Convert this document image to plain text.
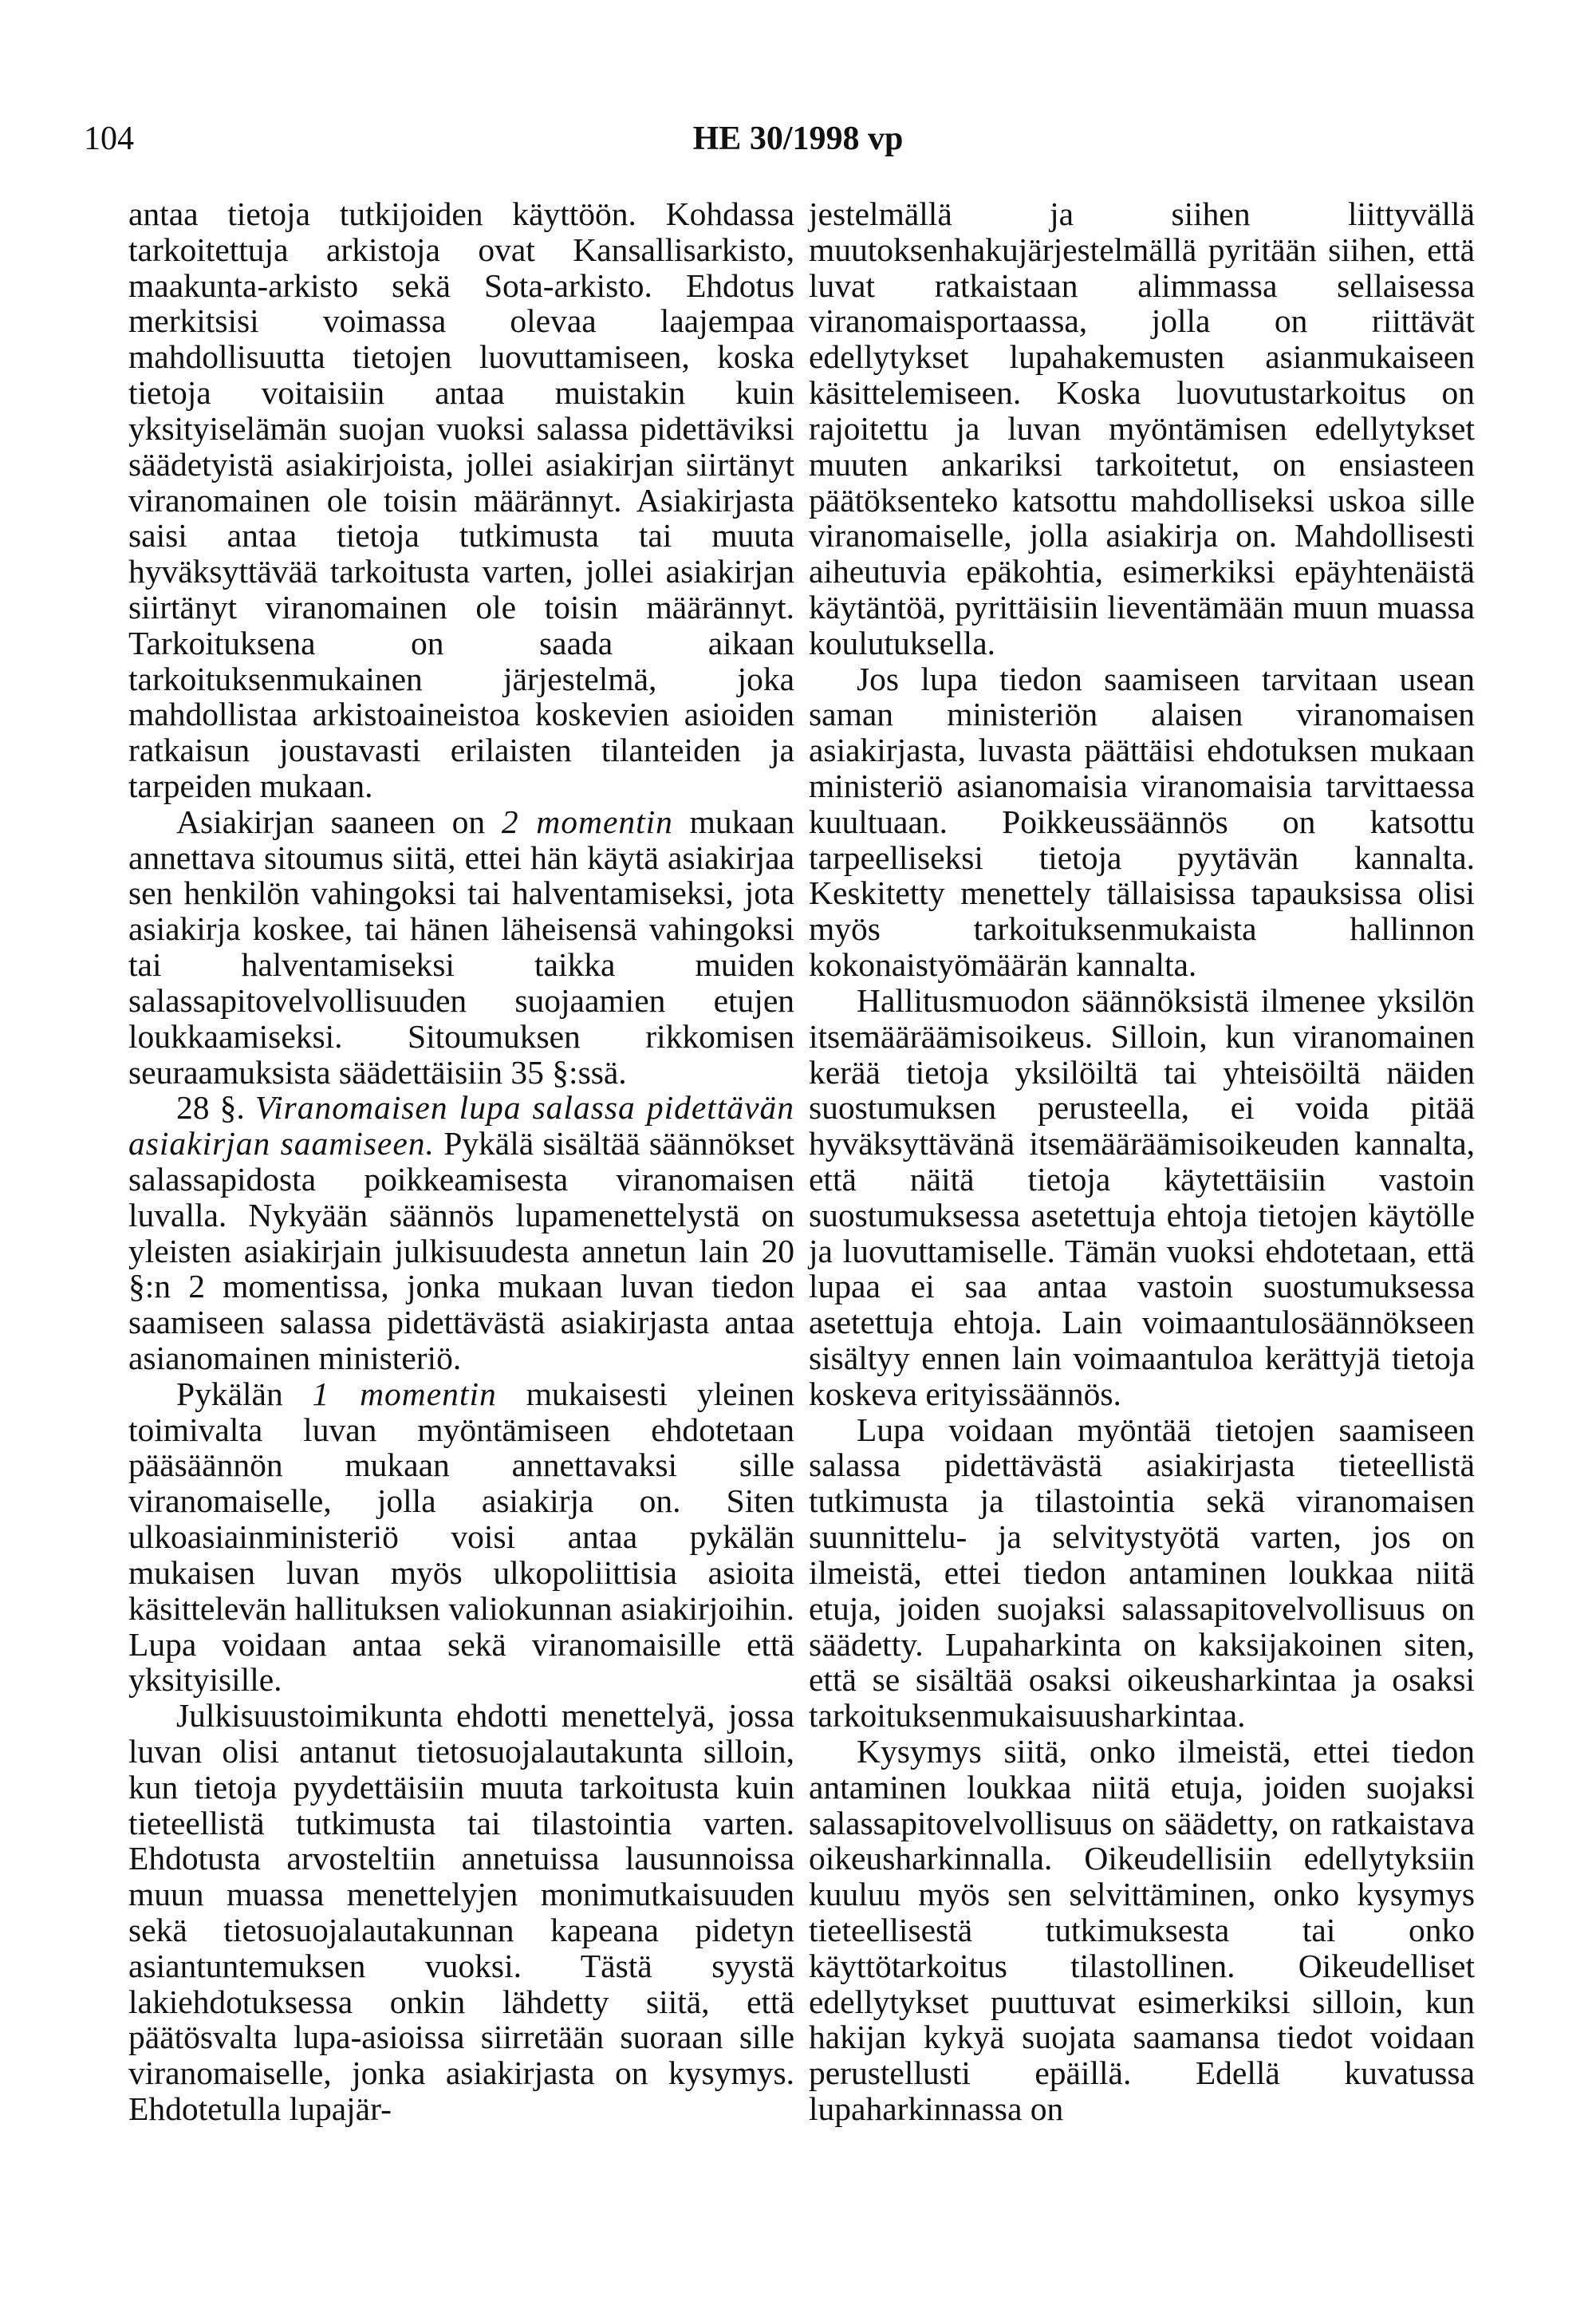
104	HE 30/1998 vp

antaa tietoja tutkijoiden käyttöön. Kohdassa tarkoitettuja arkistoja ovat Kansallisarkisto, maakunta-arkisto sekä Sota-arkisto. Ehdotus merkitsisi voimassa olevaa laajempaa mahdollisuutta tietojen luovuttamiseen, koska tietoja voitaisiin antaa muistakin kuin yksityiselämän suojan vuoksi salassa pidettäviksi säädetyistä asiakirjoista, jollei asiakirjan siirtänyt viranomainen ole toisin määrännyt. Asiakirjasta saisi antaa tietoja tutkimusta tai muuta hyväksyttävää tarkoitusta varten, jollei asiakirjan siirtänyt viranomainen ole toisin määrännyt. Tarkoituksena on saada aikaan tarkoituksenmukainen järjestelmä, joka mahdollistaa arkistoaineistoa koskevien asioiden ratkaisun joustavasti erilaisten tilanteiden ja tarpeiden mukaan.

Asiakirjan saaneen on 2 momentin mukaan annettava sitoumus siitä, ettei hän käytä asiakirjaa sen henkilön vahingoksi tai halventamiseksi, jota asiakirja koskee, tai hänen läheisensä vahingoksi tai halventamiseksi taikka muiden salassapitovelvollisuuden suojaamien etujen loukkaamiseksi. Sitoumuksen rikkomisen seuraamuksista säädettäisiin 35 §:ssä.

28 §. Viranomaisen lupa salassa pidettävän asiakirjan saamiseen. Pykälä sisältää säännökset salassapidosta poikkeamisesta viranomaisen luvalla. Nykyään säännös lupamenettelystä on yleisten asiakirjain julkisuudesta annetun lain 20 §:n 2 momentissa, jonka mukaan luvan tiedon saamiseen salassa pidettävästä asiakirjasta antaa asianomainen ministeriö.

Pykälän 1 momentin mukaisesti yleinen toimivalta luvan myöntämiseen ehdotetaan pääsäännön mukaan annettavaksi sille viranomaiselle, jolla asiakirja on. Siten ulkoasiainministeriö voisi antaa pykälän mukaisen luvan myös ulkopoliittisia asioita käsittelevän hallituksen valiokunnan asiakirjoihin. Lupa voidaan antaa sekä viranomaisille että yksityisille.

Julkisuustoimikunta ehdotti menettelyä, jossa luvan olisi antanut tietosuojalautakunta silloin, kun tietoja pyydettäisiin muuta tarkoitusta kuin tieteellistä tutkimusta tai tilastointia varten. Ehdotusta arvosteltiin annetuissa lausunnoissa muun muassa menettelyjen monimutkaisuuden sekä tietosuojalautakunnan kapeana pidetyn asiantuntemuksen vuoksi. Tästä syystä lakiehdotuksessa onkin lähdetty siitä, että päätösvalta lupa-asioissa siirretään suoraan sille viranomaiselle, jonka asiakirjasta on kysymys. Ehdotetulla lupajär-

jestelmällä ja siihen liittyvällä muutoksenhakujärjestelmällä pyritään siihen, että luvat ratkaistaan alimmassa sellaisessa viranomaisportaassa, jolla on riittävät edellytykset lupahakemusten asianmukaiseen käsittelemiseen. Koska luovutustarkoitus on rajoitettu ja luvan myöntämisen edellytykset muuten ankariksi tarkoitetut, on ensiasteen päätöksenteko katsottu mahdolliseksi uskoa sille viranomaiselle, jolla asiakirja on. Mahdollisesti aiheutuvia epäkohtia, esimerkiksi epäyhtenäistä käytäntöä, pyrittäisiin lieventämään muun muassa koulutuksella.

Jos lupa tiedon saamiseen tarvitaan usean saman ministeriön alaisen viranomaisen asiakirjasta, luvasta päättäisi ehdotuksen mukaan ministeriö asianomaisia viranomaisia tarvittaessa kuultuaan. Poikkeussäännös on katsottu tarpeelliseksi tietoja pyytävän kannalta. Keskitetty menettely tällaisissa tapauksissa olisi myös tarkoituksenmukaista hallinnon kokonaistyömäärän kannalta.

Hallitusmuodon säännöksistä ilmenee yksilön itsemääräämisoikeus. Silloin, kun viranomainen kerää tietoja yksilöiltä tai yhteisöiltä näiden suostumuksen perusteella, ei voida pitää hyväksyttävänä itsemääräämisoikeuden kannalta, että näitä tietoja käytettäisiin vastoin suostumuksessa asetettuja ehtoja tietojen käytölle ja luovuttamiselle. Tämän vuoksi ehdotetaan, että lupaa ei saa antaa vastoin suostumuksessa asetettuja ehtoja. Lain voimaantulosäännökseen sisältyy ennen lain voimaantuloa kerättyjä tietoja koskeva erityissäännös.

Lupa voidaan myöntää tietojen saamiseen salassa pidettävästä asiakirjasta tieteellistä tutkimusta ja tilastointia sekä viranomaisen suunnittelu- ja selvitystyötä varten, jos on ilmeistä, ettei tiedon antaminen loukkaa niitä etuja, joiden suojaksi salassapitovelvollisuus on säädetty. Lupaharkinta on kaksijakoinen siten, että se sisältää osaksi oikeusharkintaa ja osaksi tarkoituksenmukaisuusharkintaa.

Kysymys siitä, onko ilmeistä, ettei tiedon antaminen loukkaa niitä etuja, joiden suojaksi salassapitovelvollisuus on säädetty, on ratkaistava oikeusharkinnalla. Oikeudellisiin edellytyksiin kuuluu myös sen selvittäminen, onko kysymys tieteellisestä tutkimuksesta tai onko käyttötarkoitus tilastollinen. Oikeudelliset edellytykset puuttuvat esimerkiksi silloin, kun hakijan kykyä suojata saamansa tiedot voidaan perustellusti epäillä. Edellä kuvatussa lupaharkinnassa on
